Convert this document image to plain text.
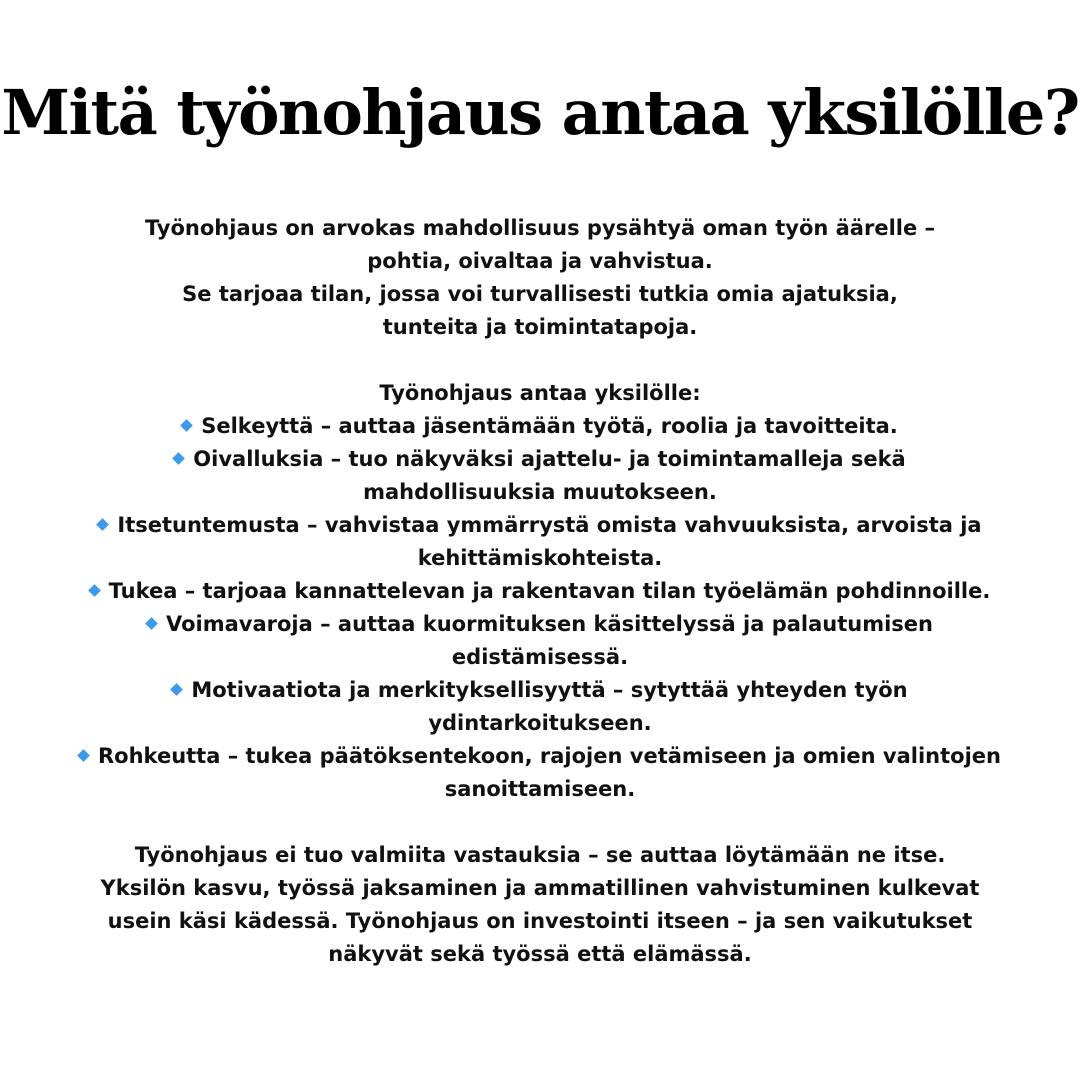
Mitä työnohjaus antaa yksilölle?
Työnohjaus on arvokas mahdollisuus pysähtyä oman työn äärelle –
pohtia, oivaltaa ja vahvistua.
Se tarjoaa tilan, jossa voi turvallisesti tutkia omia ajatuksia,
tunteita ja toimintatapoja.
Työnohjaus antaa yksilölle:
Selkeyttä – auttaa jäsentämään työtä, roolia ja tavoitteita.
Oivalluksia – tuo näkyväksi ajattelu- ja toimintamalleja sekä
mahdollisuuksia muutokseen.
Itsetuntemusta – vahvistaa ymmärrystä omista vahvuuksista, arvoista ja
kehittämiskohteista.
Tukea – tarjoaa kannattelevan ja rakentavan tilan työelämän pohdinnoille.
Voimavaroja – auttaa kuormituksen käsittelyssä ja palautumisen
edistämisessä.
Motivaatiota ja merkityksellisyyttä – sytyttää yhteyden työn
ydintarkoitukseen.
Rohkeutta – tukea päätöksentekoon, rajojen vetämiseen ja omien valintojen
sanoittamiseen.
Työnohjaus ei tuo valmiita vastauksia – se auttaa löytämään ne itse.
Yksilön kasvu, työssä jaksaminen ja ammatillinen vahvistuminen kulkevat
usein käsi kädessä. Työnohjaus on investointi itseen – ja sen vaikutukset
näkyvät sekä työssä että elämässä.
